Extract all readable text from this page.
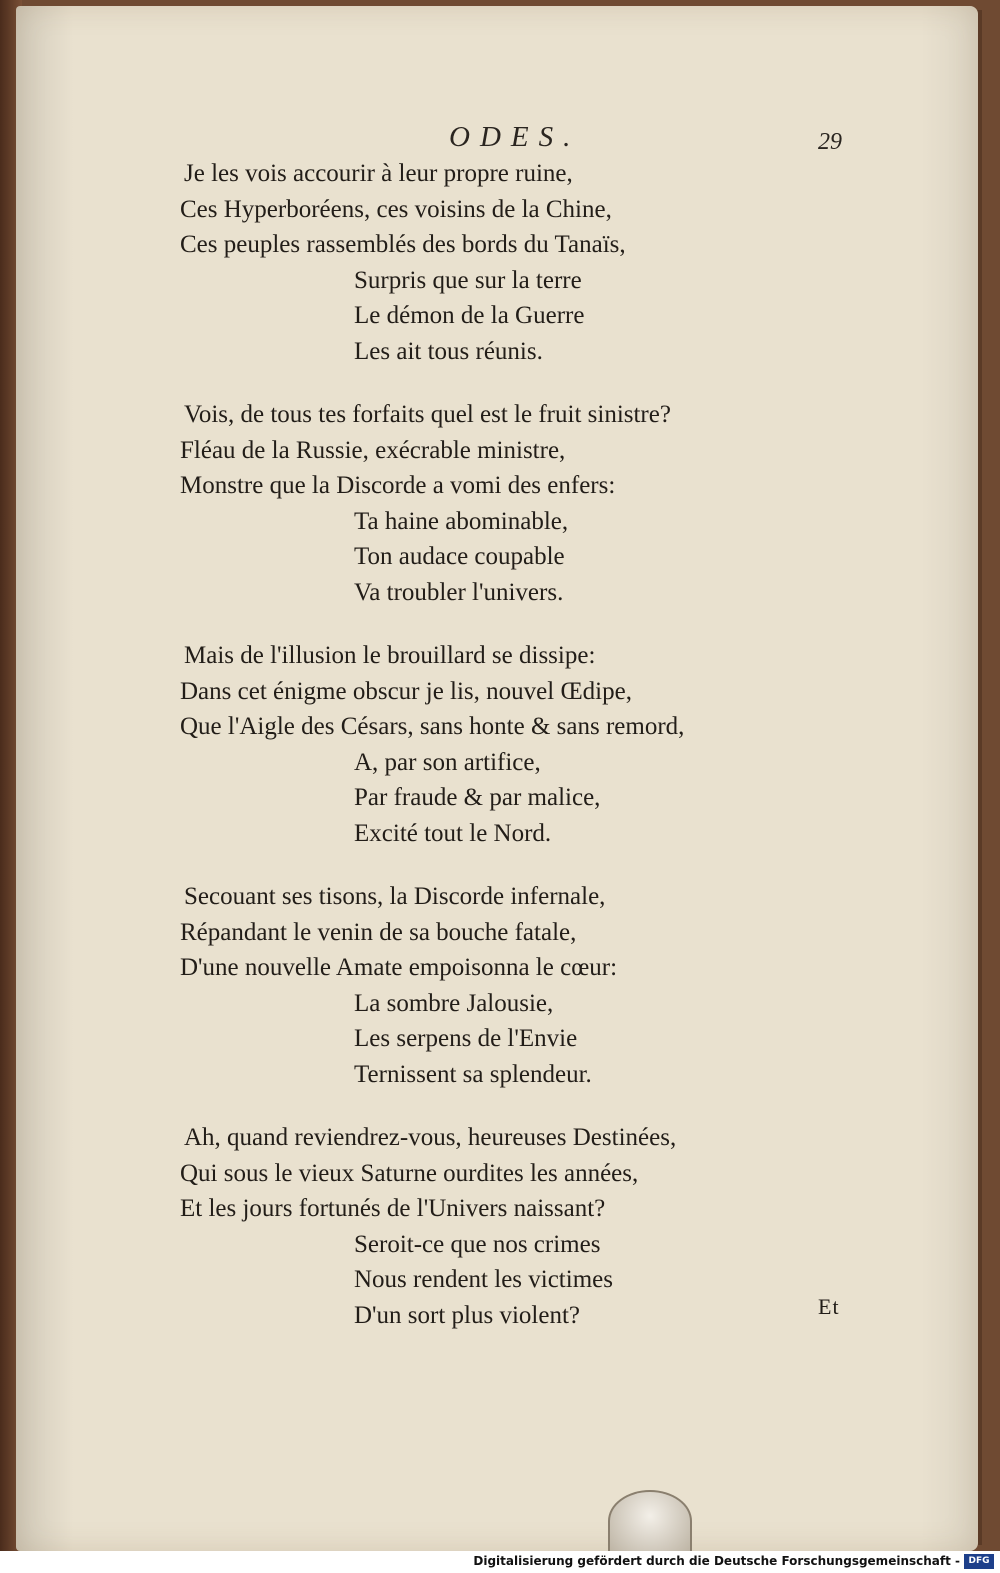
ODES.	29
Je les vois accourir à leur propre ruine,
Ces Hyperboréens, ces voisins de la Chine,
Ces peuples rassemblés des bords du Tanaïs,
Surpris que sur la terre
Le démon de la Guerre
Les ait tous réunis.
Vois, de tous tes forfaits quel est le fruit sinistre?
Fléau de la Russie, exécrable ministre,
Monstre que la Discorde a vomi des enfers:
Ta haine abominable,
Ton audace coupable
Va troubler l'univers.
Mais de l'illusion le brouillard se dissipe:
Dans cet énigme obscur je lis, nouvel Œdipe,
Que l'Aigle des Césars, sans honte & sans remord,
A, par son artifice,
Par fraude & par malice,
Excité tout le Nord.
Secouant ses tisons, la Discorde infernale,
Répandant le venin de sa bouche fatale,
D'une nouvelle Amate empoisonna le cœur:
La sombre Jalousie,
Les serpens de l'Envie
Ternissent sa splendeur.
Ah, quand reviendrez-vous, heureuses Destinées,
Qui sous le vieux Saturne ourdites les années,
Et les jours fortunés de l'Univers naissant?
Seroit-ce que nos crimes
Nous rendent les victimes
D'un sort plus violent?	Et
Digitalisierung gefördert durch die Deutsche Forschungsgemeinschaft - DFG
